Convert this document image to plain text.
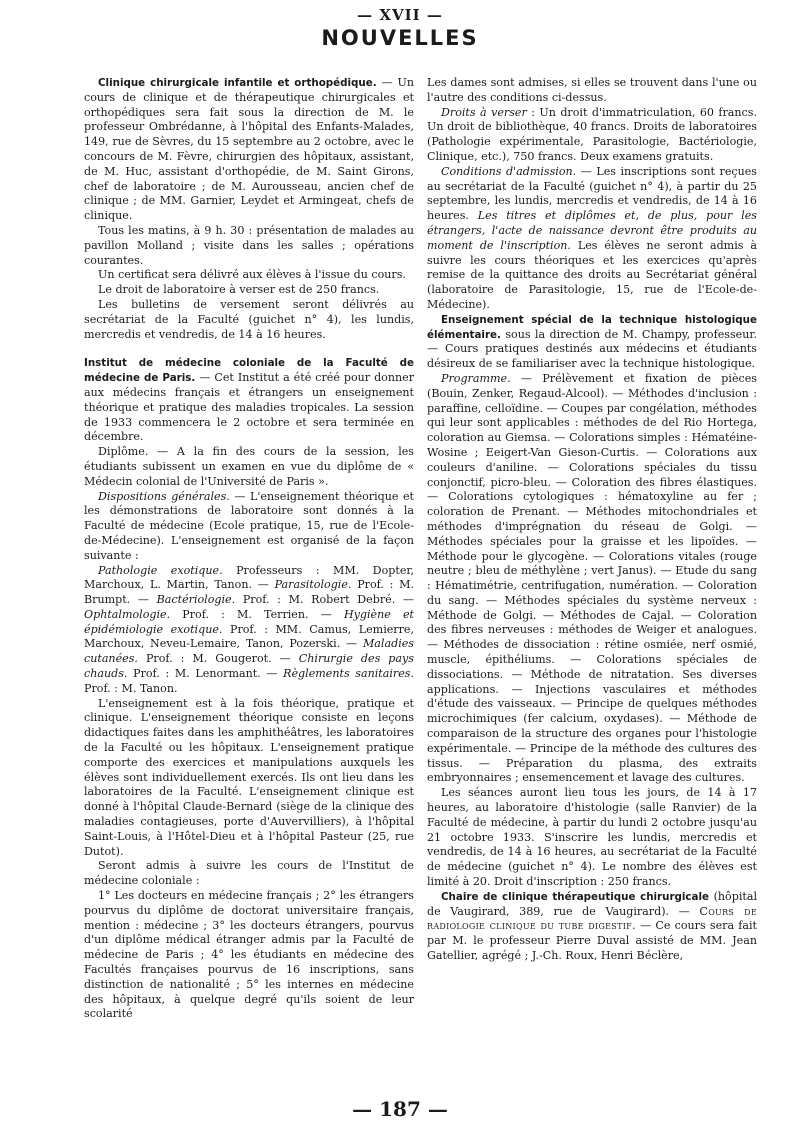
— XVII —
NOUVELLES

Clinique chirurgicale infantile et orthopédique. — Un cours de clinique et de thérapeutique chirurgicales et orthopédiques sera fait sous la direction de M. le professeur Ombrédanne, à l'hôpital des Enfants-Malades, 149, rue de Sèvres, du 15 septembre au 2 octobre, avec le concours de M. Fèvre, chirurgien des hôpitaux, assistant, de M. Huc, assistant d'orthopédie, de M. Saint Girons, chef de laboratoire ; de M. Aurousseau, ancien chef de clinique ; de MM. Garnier, Leydet et Armingeat, chefs de clinique.

Tous les matins, à 9 h. 30 : présentation de malades au pavillon Molland ; visite dans les salles ; opérations courantes.

Un certificat sera délivré aux élèves à l'issue du cours.

Le droit de laboratoire à verser est de 250 francs.

Les bulletins de versement seront délivrés au secrétariat de la Faculté (guichet n° 4), les lundis, mercredis et vendredis, de 14 à 16 heures.

Institut de médecine coloniale de la Faculté de médecine de Paris. — Cet Institut a été créé pour donner aux médecins français et étrangers un enseignement théorique et pratique des maladies tropicales. La session de 1933 commencera le 2 octobre et sera terminée en décembre.

Diplôme. — A la fin des cours de la session, les étudiants subissent un examen en vue du diplôme de « Médecin colonial de l'Université de Paris ».

Dispositions générales. — L'enseignement théorique et les démonstrations de laboratoire sont donnés à la Faculté de médecine (Ecole pratique, 15, rue de l'Ecole-de-Médecine). L'enseignement est organisé de la façon suivante :

Pathologie exotique. Professeurs : MM. Dopter, Marchoux, L. Martin, Tanon. — Parasitologie. Prof. : M. Brumpt. — Bactériologie. Prof. : M. Robert Debré. — Ophtalmologie. Prof. : M. Terrien. — Hygiène et épidémiologie exotique. Prof. : MM. Camus, Lemierre, Marchoux, Neveu-Lemaire, Tanon, Pozerski. — Maladies cutanées. Prof. : M. Gougerot. — Chirurgie des pays chauds. Prof. : M. Lenormant. — Règlements sanitaires. Prof. : M. Tanon.

L'enseignement est à la fois théorique, pratique et clinique. L'enseignement théorique consiste en leçons didactiques faites dans les amphithéâtres, les laboratoires de la Faculté ou les hôpitaux. L'enseignement pratique comporte des exercices et manipulations auxquels les élèves sont individuellement exercés. Ils ont lieu dans les laboratoires de la Faculté. L'enseignement clinique est donné à l'hôpital Claude-Bernard (siège de la clinique des maladies contagieuses, porte d'Auvervilliers), à l'hôpital Saint-Louis, à l'Hôtel-Dieu et à l'hôpital Pasteur (25, rue Dutot).

Seront admis à suivre les cours de l'Institut de médecine coloniale :

1° Les docteurs en médecine français ; 2° les étrangers pourvus du diplôme de doctorat universitaire français, mention : médecine ; 3° les docteurs étrangers, pourvus d'un diplôme médical étranger admis par la Faculté de médecine de Paris ; 4° les étudiants en médecine des Facultés françaises pourvus de 16 inscriptions, sans distinction de nationalité ; 5° les internes en médecine des hôpitaux, à quelque degré qu'ils soient de leur scolarité

Les dames sont admises, si elles se trouvent dans l'une ou l'autre des conditions ci-dessus.

Droits à verser : Un droit d'immatriculation, 60 francs. Un droit de bibliothèque, 40 francs. Droits de laboratoires (Pathologie expérimentale, Parasitologie, Bactériologie, Clinique, etc.), 750 francs. Deux examens gratuits.

Conditions d'admission. — Les inscriptions sont reçues au secrétariat de la Faculté (guichet n° 4), à partir du 25 septembre, les lundis, mercredis et vendredis, de 14 à 16 heures. Les titres et diplômes et, de plus, pour les étrangers, l'acte de naissance devront être produits au moment de l'inscription. Les élèves ne seront admis à suivre les cours théoriques et les exercices qu'après remise de la quittance des droits au Secrétariat général (laboratoire de Parasitologie, 15, rue de l'Ecole-de-Médecine).

Enseignement spécial de la technique histologique élémentaire. sous la direction de M. Champy, professeur. — Cours pratiques destinés aux médecins et étudiants désireux de se familiariser avec la technique histologique.

Programme. — Prélèvement et fixation de pièces (Bouin, Zenker, Regaud-Alcool). — Méthodes d'inclusion : paraffine, celloïdine. — Coupes par congélation, méthodes qui leur sont applicables : méthodes de del Rio Hortega, coloration au Giemsa. — Colorations simples : Hématéine-Wosine ; Eeigert-Van Gieson-Curtis. — Colorations aux couleurs d'aniline. — Colorations spéciales du tissu conjonctif, picro-bleu. — Coloration des fibres élastiques. — Colorations cytologiques : hématoxyline au fer ; coloration de Prenant. — Méthodes mitochondriales et méthodes d'imprégnation du réseau de Golgi. — Méthodes spéciales pour la graisse et les lipoïdes. — Méthode pour le glycogène. — Colorations vitales (rouge neutre ; bleu de méthylène ; vert Janus). — Etude du sang : Hématimétrie, centrifugation, numération. — Coloration du sang. — Méthodes spéciales du système nerveux : Méthode de Golgi. — Méthodes de Cajal. — Coloration des fibres nerveuses : méthodes de Weiger et analogues. — Méthodes de dissociation : rétine osmiée, nerf osmié, muscle, épithéliums. — Colorations spéciales de dissociations. — Méthode de nitratation. Ses diverses applications. — Injections vasculaires et méthodes d'étude des vaisseaux. — Principe de quelques méthodes microchimiques (fer calcium, oxydases). — Méthode de comparaison de la structure des organes pour l'histologie expérimentale. — Principe de la méthode des cultures des tissus. — Préparation du plasma, des extraits embryonnaires ; ensemencement et lavage des cultures.

Les séances auront lieu tous les jours, de 14 à 17 heures, au laboratoire d'histologie (salle Ranvier) de la Faculté de médecine, à partir du lundi 2 octobre jusqu'au 21 octobre 1933. S'inscrire les lundis, mercredis et vendredis, de 14 à 16 heures, au secrétariat de la Faculté de médecine (guichet n° 4). Le nombre des élèves est limité à 20. Droit d'inscription : 250 francs.

Chaire de clinique thérapeutique chirurgicale (hôpital de Vaugirard, 389, rue de Vaugirard). — Cours de radiologie clinique du tube digestif. — Ce cours sera fait par M. le professeur Pierre Duval assisté de MM. Jean Gatellier, agrégé ; J.-Ch. Roux, Henri Béclère,

— 187 —
